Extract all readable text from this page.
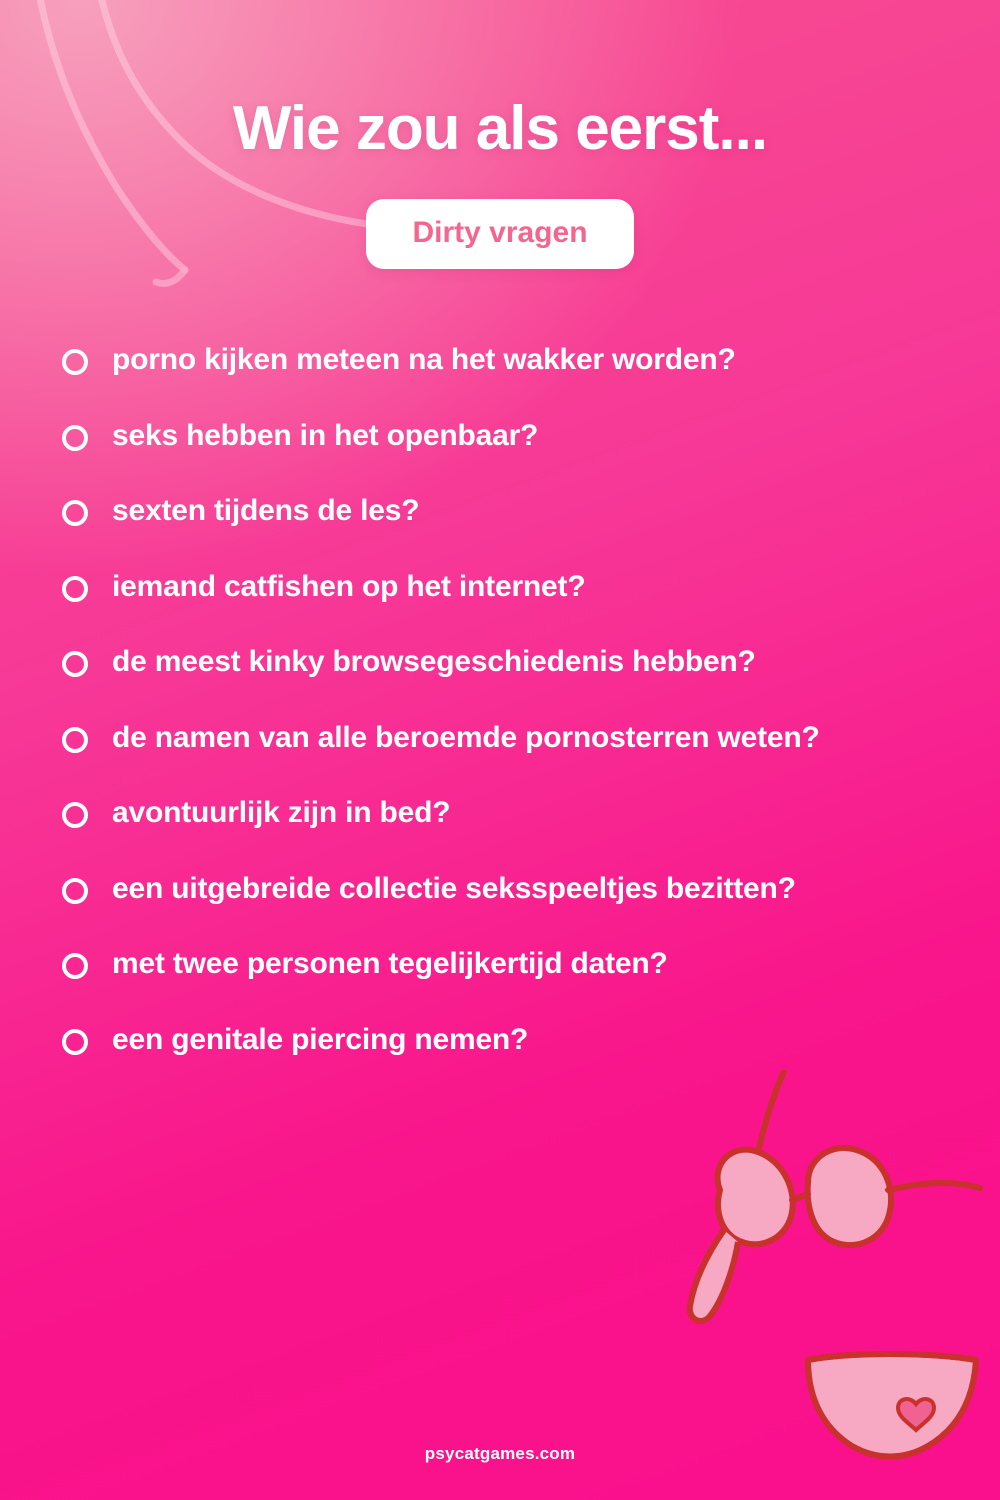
Wie zou als eerst...
Dirty vragen
porno kijken meteen na het wakker worden?
seks hebben in het openbaar?
sexten tijdens de les?
iemand catfishen op het internet?
de meest kinky browsegeschiedenis hebben?
de namen van alle beroemde pornosterren weten?
avontuurlijk zijn in bed?
een uitgebreide collectie seksspeeltjes bezitten?
met twee personen tegelijkertijd daten?
een genitale piercing nemen?
psycatgames.com
